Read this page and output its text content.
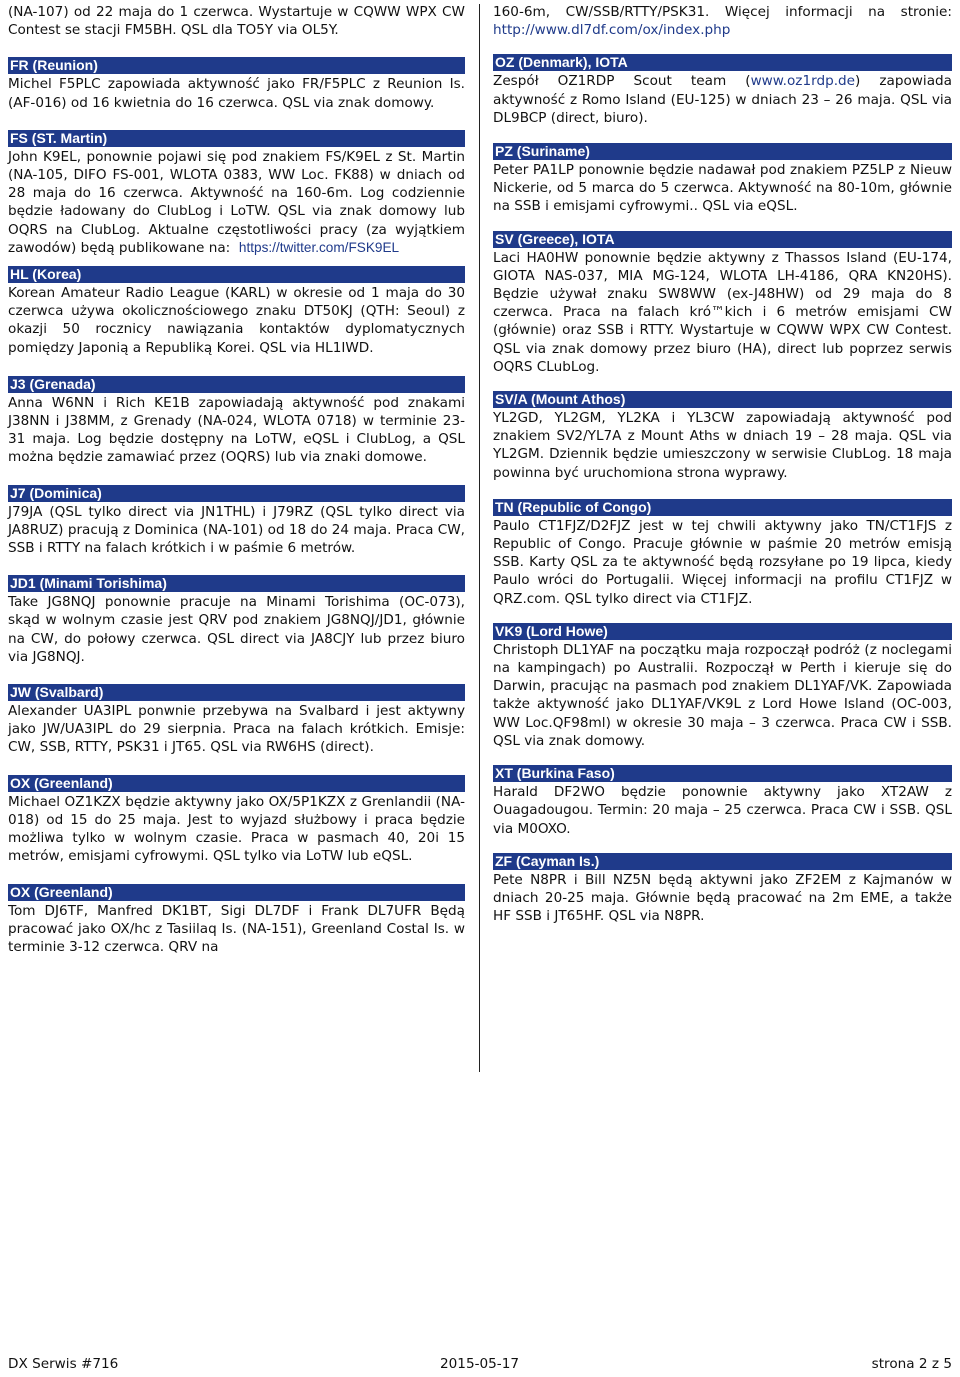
(NA-107) od 22 maja do 1 czerwca. Wystartuje w CQWW WPX CW Contest se stacji FM5BH. QSL dla TO5Y via OL5Y.

FR (Reunion)

Michel F5PLC zapowiada aktywność jako FR/F5PLC z Reunion Is. (AF-016) od 16 kwietnia do 16 czerwca. QSL via znak domowy.

FS (ST. Martin)

John K9EL, ponownie pojawi się pod znakiem FS/K9EL z St. Martin (NA-105, DIFO FS-001, WLOTA 0383, WW Loc. FK88) w dniach od 28 maja do 16 czerwca. Aktywność na 160-6m. Log codziennie będzie ładowany do ClubLog i LoTW. QSL via znak domowy lub OQRS na ClubLog. Aktualne częstotliwości pracy (za wyjątkiem zawodów) będą publikowane na: https://twitter.com/FSK9EL

HL (Korea)

Korean Amateur Radio League (KARL) w okresie od 1 maja do 30 czerwca używa okolicznościowego znaku DT50KJ (QTH: Seoul) z okazji 50 rocznicy nawiązania kontaktów dyplomatycznych pomiędzy Japonią a Republiką Korei. QSL via HL1IWD.

J3 (Grenada)

Anna W6NN i Rich KE1B zapowiadają aktywność pod znakami J38NN i J38MM, z Grenady (NA-024, WLOTA 0718) w terminie 23-31 maja. Log będzie dostępny na LoTW, eQSL i ClubLog, a QSL można będzie zamawiać przez (OQRS) lub via znaki domowe.

J7 (Dominica)

J79JA (QSL tylko direct via JN1THL) i J79RZ (QSL tylko direct via JA8RUZ) pracują z Dominica (NA-101) od 18 do 24 maja. Praca CW, SSB i RTTY na falach krótkich i w paśmie 6 metrów.

JD1 (Minami Torishima)

Take JG8NQJ ponownie pracuje na Minami Torishima (OC-073), skąd w wolnym czasie jest QRV pod znakiem JG8NQJ/JD1, głównie na CW, do połowy czerwca. QSL direct via JA8CJY lub przez biuro via JG8NQJ.

JW (Svalbard)

Alexander UA3IPL ponwnie przebywa na Svalbard i jest aktywny jako JW/UA3IPL do 29 sierpnia. Praca na falach krótkich. Emisje: CW, SSB, RTTY, PSK31 i JT65. QSL via RW6HS (direct).

OX (Greenland)

Michael OZ1KZX będzie aktywny jako OX/5P1KZX z Grenlandii (NA-018) od 15 do 25 maja. Jest to wyjazd służbowy i praca będzie możliwa tylko w wolnym czasie. Praca w pasmach 40, 20i 15 metrów, emisjami cyfrowymi. QSL tylko via LoTW lub eQSL.

OX (Greenland)

Tom DJ6TF, Manfred DK1BT, Sigi DL7DF i Frank DL7UFR Będą pracować jako OX/hc z Tasiilaq Is. (NA-151), Greenland Costal Is. w terminie 3-12 czerwca. QRV na

160-6m, CW/SSB/RTTY/PSK31. Więcej informacji na stronie: http://www.dl7df.com/ox/index.php

OZ (Denmark), IOTA

Zespół OZ1RDP Scout team (www.oz1rdp.de) zapowiada aktywność z Romo Island (EU-125) w dniach 23 – 26 maja. QSL via DL9BCP (direct, biuro).

PZ (Suriname)

Peter PA1LP ponownie będzie nadawał pod znakiem PZ5LP z Nieuw Nickerie, od 5 marca do 5 czerwca. Aktywność na 80-10m, głównie na SSB i emisjami cyfrowymi.. QSL via eQSL.

SV (Greece), IOTA

Laci HA0HW ponownie będzie aktywny z Thassos Island (EU-174, GIOTA NAS-037, MIA MG-124, WLOTA LH-4186, QRA KN20HS). Będzie używał znaku SW8WW (ex-J48HW) od 29 maja do 8 czerwca. Praca na falach kró™kich i 6 metrów emisjami CW (głównie) oraz SSB i RTTY. Wystartuje w CQWW WPX CW Contest. QSL via znak domowy przez biuro (HA), direct lub poprzez serwis OQRS CLubLog.

SV/A (Mount Athos)

YL2GD, YL2GM, YL2KA i YL3CW zapowiadają aktywność pod znakiem SV2/YL7A z Mount Aths w dniach 19 – 28 maja. QSL via YL2GM. Dziennik będzie umieszczony w serwisie ClubLog. 18 maja powinna być uruchomiona strona wyprawy.

TN (Republic of Congo)

Paulo CT1FJZ/D2FJZ jest w tej chwili aktywny jako TN/CT1FJS z Republic of Congo. Pracuje głównie w paśmie 20 metrów emisją SSB. Karty QSL za te aktywność będą rozsyłane po 19 lipca, kiedy Paulo wróci do Portugalii. Więcej informacji na profilu CT1FJZ w QRZ.com. QSL tylko direct via CT1FJZ.

VK9 (Lord Howe)

Christoph DL1YAF na początku maja rozpoczął podróż (z noclegami na kampingach) po Australii. Rozpoczął w Perth i kieruje się do Darwin, pracując na pasmach pod znakiem DL1YAF/VK. Zapowiada także aktywność jako DL1YAF/VK9L z Lord Howe Island (OC-003, WW Loc.QF98ml) w okresie 30 maja – 3 czerwca. Praca CW i SSB. QSL via znak domowy.

XT (Burkina Faso)

Harald DF2WO będzie ponownie aktywny jako XT2AW z Ouagadougou. Termin: 20 maja – 25 czerwca. Praca CW i SSB. QSL via M0OXO.

ZF (Cayman Is.)

Pete N8PR i Bill NZ5N będą aktywni jako ZF2EM z Kajmanów w dniach 20-25 maja. Głównie będą pracować na 2m EME, a także HF SSB i JT65HF. QSL via N8PR.

DX Serwis #716	2015-05-17	strona 2 z 5
